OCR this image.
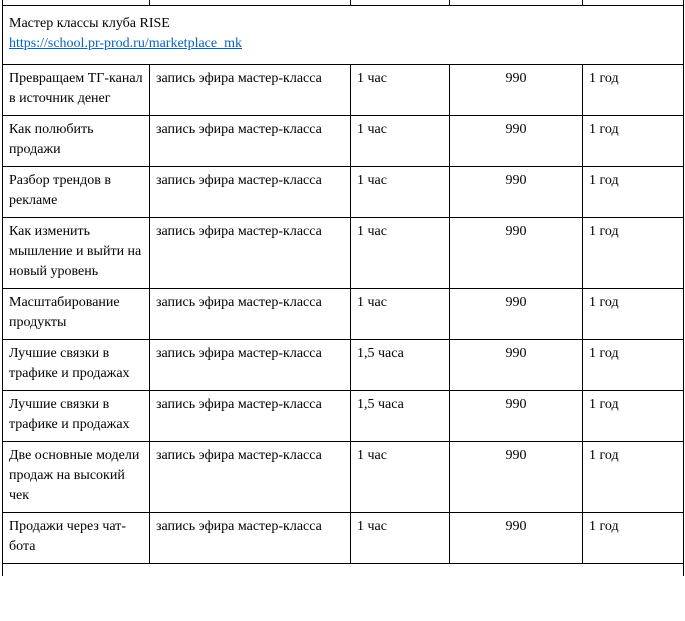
Мастер классы клуба RISE
https://school.pr-prod.ru/marketplace_mk				
Превращаем ТГ-канал в источник денег	запись эфира мастер-класса	1 час	990	1 год
Как полюбить продажи	запись эфира мастер-класса	1 час	990	1 год
Разбор трендов в рекламе	запись эфира мастер-класса	1 час	990	1 год
Как изменить мышление и выйти на новый уровень	запись эфира мастер-класса	1 час	990	1 год
Масштабирование продукты	запись эфира мастер-класса	1 час	990	1 год
Лучшие связки в трафике и продажах	запись эфира мастер-класса	1,5 часа	990	1 год
Лучшие связки в трафике и продажах	запись эфира мастер-класса	1,5 часа	990	1 год
Две основные модели продаж на высокий чек	запись эфира мастер-класса	1 час	990	1 год
Продажи через чат-бота	запись эфира мастер-класса	1 час	990	1 год
